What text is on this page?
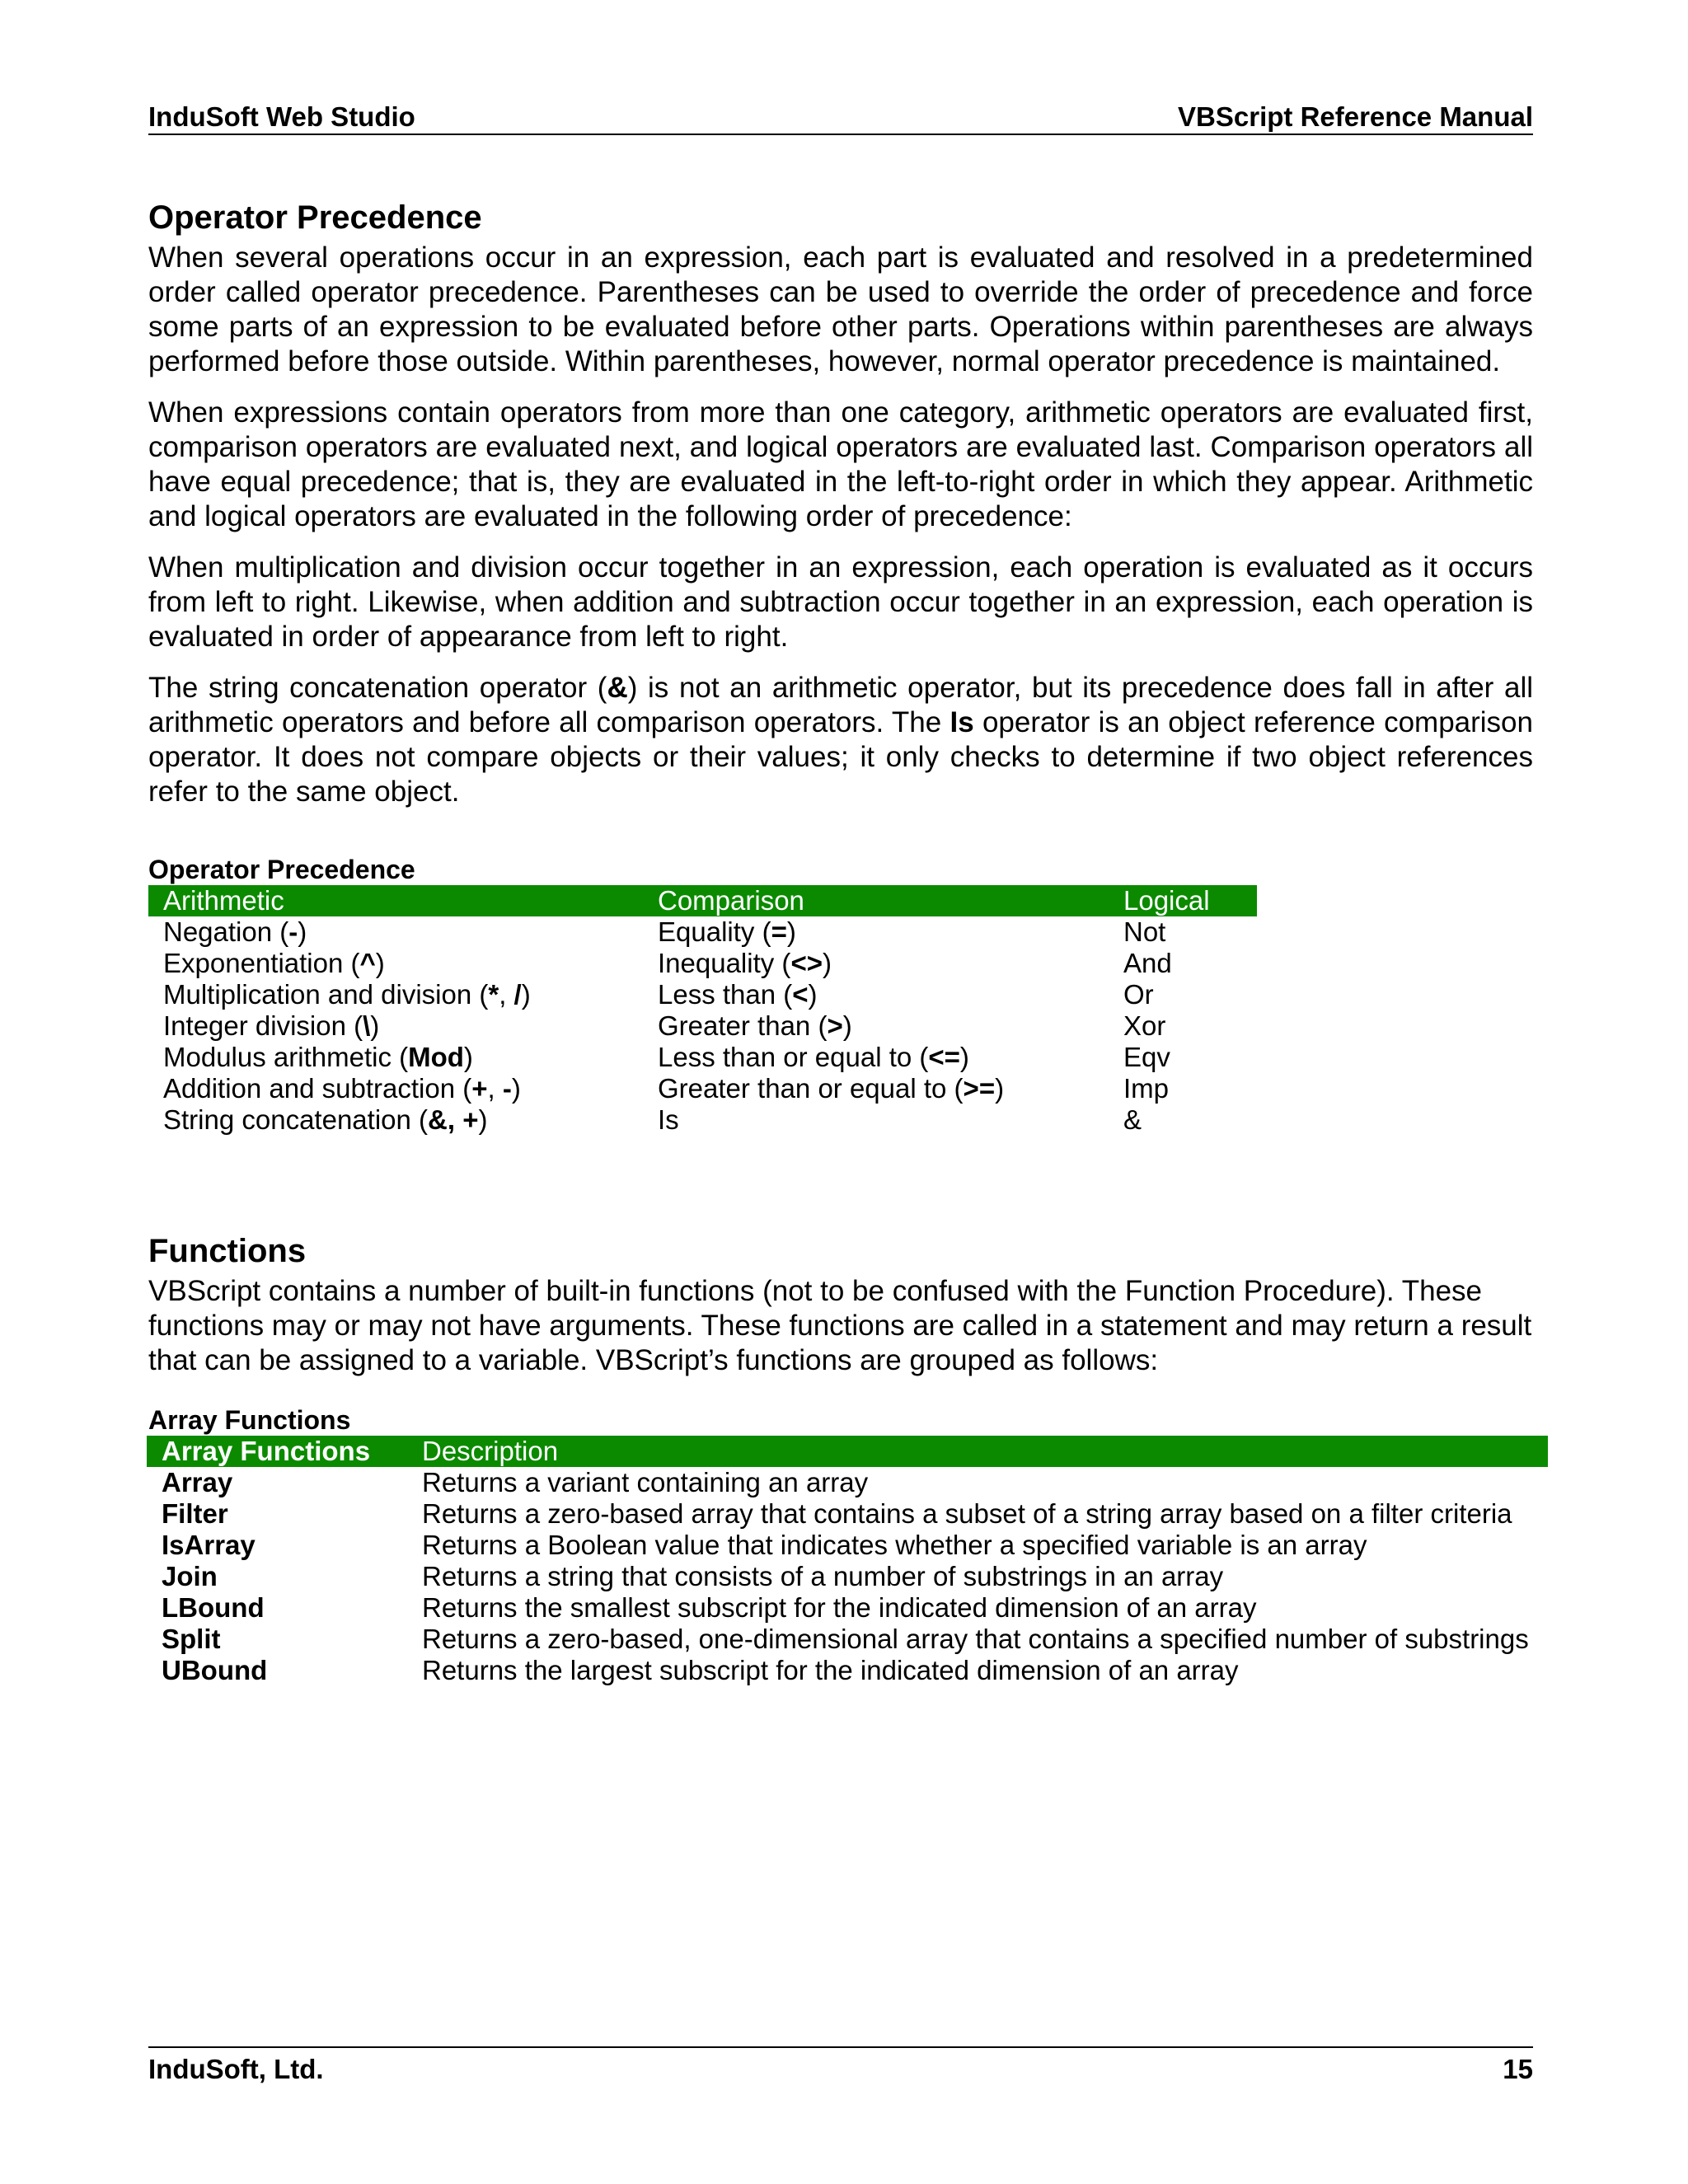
InduSoft Web Studio	VBScript Reference Manual
Operator Precedence

When several operations occur in an expression, each part is evaluated and resolved in a predetermined order called operator precedence. Parentheses can be used to override the order of precedence and force some parts of an expression to be evaluated before other parts. Operations within parentheses are always performed before those outside. Within parentheses, however, normal operator precedence is maintained.

When expressions contain operators from more than one category, arithmetic operators are evaluated first, comparison operators are evaluated next, and logical operators are evaluated last. Comparison operators all have equal precedence; that is, they are evaluated in the left-to-right order in which they appear. Arithmetic and logical operators are evaluated in the following order of precedence:

When multiplication and division occur together in an expression, each operation is evaluated as it occurs from left to right. Likewise, when addition and subtraction occur together in an expression, each operation is evaluated in order of appearance from left to right.

The string concatenation operator (&) is not an arithmetic operator, but its precedence does fall in after all arithmetic operators and before all comparison operators. The Is operator is an object reference comparison operator. It does not compare objects or their values; it only checks to determine if two object references refer to the same object.

Operator Precedence
Arithmetic	Comparison	Logical
Negation (-)	Equality (=)	Not
Exponentiation (^)	Inequality (<>)	And
Multiplication and division (*, /)	Less than (<)	Or
Integer division (\)	Greater than (>)	Xor
Modulus arithmetic (Mod)	Less than or equal to (<=)	Eqv
Addition and subtraction (+, -)	Greater than or equal to (>=)	Imp
String concatenation (&, +)	Is	&
Functions

VBScript contains a number of built-in functions (not to be confused with the Function Procedure). These functions may or may not have arguments. These functions are called in a statement and may return a result that can be assigned to a variable. VBScript’s functions are grouped as follows:

Array Functions
Array Functions	Description
Array	Returns a variant containing an array
Filter	Returns a zero-based array that contains a subset of a string array based on a filter criteria
IsArray	Returns a Boolean value that indicates whether a specified variable is an array
Join	Returns a string that consists of a number of substrings in an array
LBound	Returns the smallest subscript for the indicated dimension of an array
Split	Returns a zero-based, one-dimensional array that contains a specified number of substrings
UBound	Returns the largest subscript for the indicated dimension of an array
InduSoft, Ltd.	15
